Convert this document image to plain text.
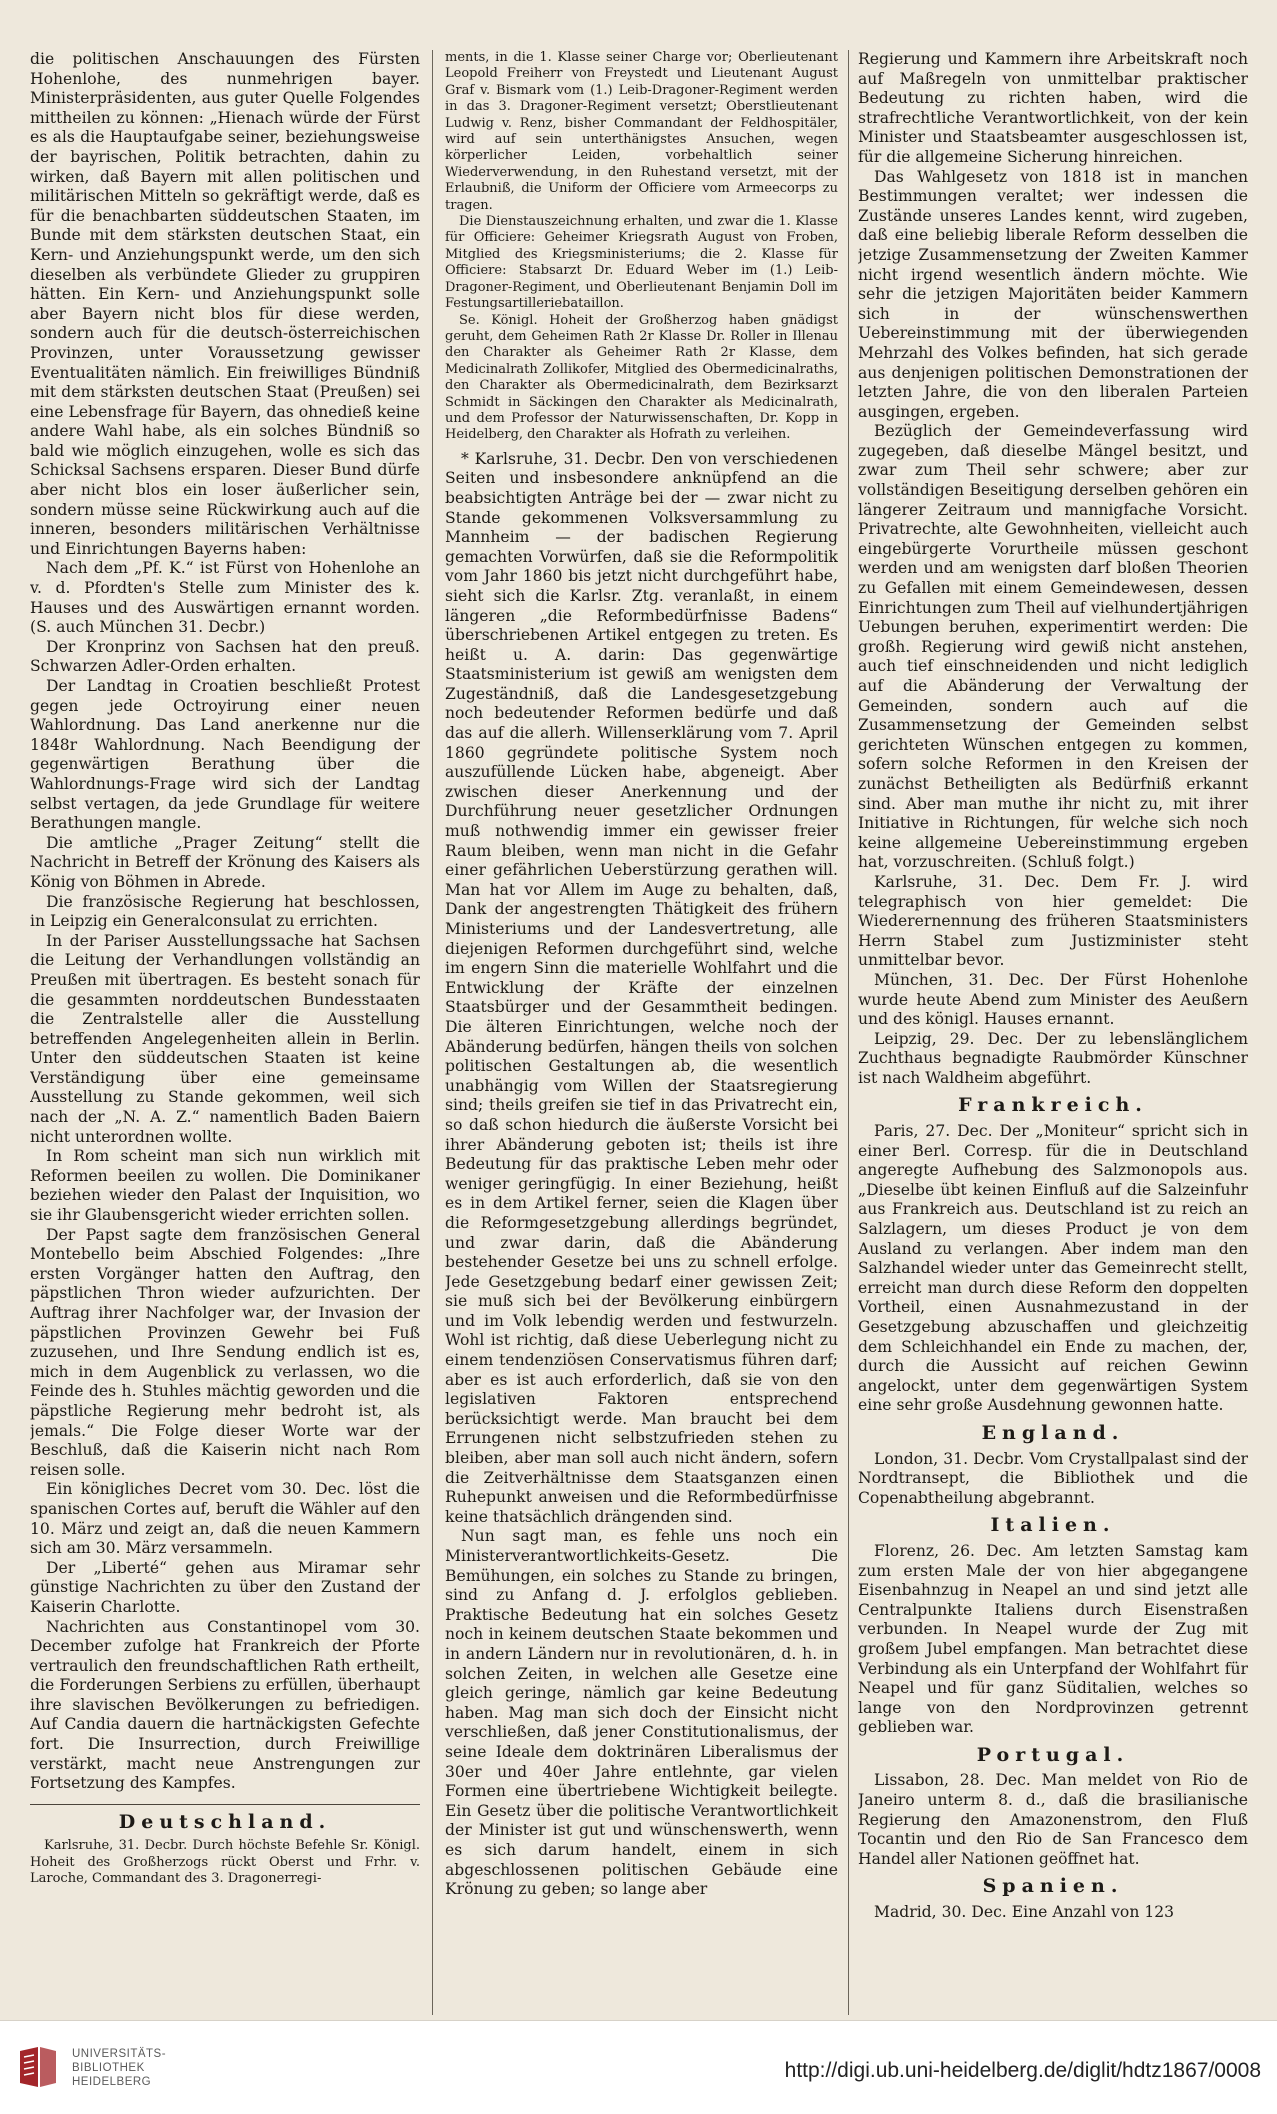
die politischen Anschauungen des Fürsten Hohenlohe, des nunmehrigen bayer. Ministerpräsidenten, aus guter Quelle Folgendes mittheilen zu können: „Hienach würde der Fürst es als die Hauptaufgabe seiner, beziehungsweise der bayrischen, Politik betrachten, dahin zu wirken, daß Bayern mit allen politischen und militärischen Mitteln so gekräftigt werde, daß es für die benachbarten süddeutschen Staaten, im Bunde mit dem stärksten deutschen Staat, ein Kern- und Anziehungspunkt werde, um den sich dieselben als verbündete Glieder zu gruppiren hätten. Ein Kern- und Anziehungspunkt solle aber Bayern nicht blos für diese werden, sondern auch für die deutsch-österreichischen Provinzen, unter Voraussetzung gewisser Eventualitäten nämlich. Ein freiwilliges Bündniß mit dem stärksten deutschen Staat (Preußen) sei eine Lebensfrage für Bayern, das ohnedieß keine andere Wahl habe, als ein solches Bündniß so bald wie möglich einzugehen, wolle es sich das Schicksal Sachsens ersparen. Dieser Bund dürfe aber nicht blos ein loser äußerlicher sein, sondern müsse seine Rückwirkung auch auf die inneren, besonders militärischen Verhältnisse und Einrichtungen Bayerns haben:

Nach dem „Pf. K.“ ist Fürst von Hohenlohe an v. d. Pfordten's Stelle zum Minister des k. Hauses und des Auswärtigen ernannt worden. (S. auch München 31. Decbr.)

Der Kronprinz von Sachsen hat den preuß. Schwarzen Adler-Orden erhalten.

Der Landtag in Croatien beschließt Protest gegen jede Octroyirung einer neuen Wahlordnung. Das Land anerkenne nur die 1848r Wahlordnung. Nach Beendigung der gegenwärtigen Berathung über die Wahlordnungs-Frage wird sich der Landtag selbst vertagen, da jede Grundlage für weitere Berathungen mangle.

Die amtliche „Prager Zeitung“ stellt die Nachricht in Betreff der Krönung des Kaisers als König von Böhmen in Abrede.

Die französische Regierung hat beschlossen, in Leipzig ein Generalconsulat zu errichten.

In der Pariser Ausstellungssache hat Sachsen die Leitung der Verhandlungen vollständig an Preußen mit übertragen. Es besteht sonach für die gesammten norddeutschen Bundesstaaten die Zentralstelle aller die Ausstellung betreffenden Angelegenheiten allein in Berlin. Unter den süddeutschen Staaten ist keine Verständigung über eine gemeinsame Ausstellung zu Stande gekommen, weil sich nach der „N. A. Z.“ namentlich Baden Baiern nicht unterordnen wollte.

In Rom scheint man sich nun wirklich mit Reformen beeilen zu wollen. Die Dominikaner beziehen wieder den Palast der Inquisition, wo sie ihr Glaubensgericht wieder errichten sollen.

Der Papst sagte dem französischen General Montebello beim Abschied Folgendes: „Ihre ersten Vorgänger hatten den Auftrag, den päpstlichen Thron wieder aufzurichten. Der Auftrag ihrer Nachfolger war, der Invasion der päpstlichen Provinzen Gewehr bei Fuß zuzusehen, und Ihre Sendung endlich ist es, mich in dem Augenblick zu verlassen, wo die Feinde des h. Stuhles mächtig geworden und die päpstliche Regierung mehr bedroht ist, als jemals.“ Die Folge dieser Worte war der Beschluß, daß die Kaiserin nicht nach Rom reisen solle.

Ein königliches Decret vom 30. Dec. löst die spanischen Cortes auf, beruft die Wähler auf den 10. März und zeigt an, daß die neuen Kammern sich am 30. März versammeln.

Der „Liberté“ gehen aus Miramar sehr günstige Nachrichten zu über den Zustand der Kaiserin Charlotte.

Nachrichten aus Constantinopel vom 30. December zufolge hat Frankreich der Pforte vertraulich den freundschaftlichen Rath ertheilt, die Forderungen Serbiens zu erfüllen, überhaupt ihre slavischen Bevölkerungen zu befriedigen. Auf Candia dauern die hartnäckigsten Gefechte fort. Die Insurrection, durch Freiwillige verstärkt, macht neue Anstrengungen zur Fortsetzung des Kampfes.

Deutschland.

Karlsruhe, 31. Decbr. Durch höchste Befehle Sr. Königl. Hoheit des Großherzogs rückt Oberst und Frhr. v. Laroche, Commandant des 3. Dragonerregi-

ments, in die 1. Klasse seiner Charge vor; Oberlieutenant Leopold Freiherr von Freystedt und Lieutenant August Graf v. Bismark vom (1.) Leib-Dragoner-Regiment werden in das 3. Dragoner-Regiment versetzt; Oberstlieutenant Ludwig v. Renz, bisher Commandant der Feldhospitäler, wird auf sein unterthänigstes Ansuchen, wegen körperlicher Leiden, vorbehaltlich seiner Wiederverwendung, in den Ruhestand versetzt, mit der Erlaubniß, die Uniform der Officiere vom Armeecorps zu tragen.

Die Dienstauszeichnung erhalten, und zwar die 1. Klasse für Officiere: Geheimer Kriegsrath August von Froben, Mitglied des Kriegsministeriums; die 2. Klasse für Officiere: Stabsarzt Dr. Eduard Weber im (1.) Leib-Dragoner-Regiment, und Oberlieutenant Benjamin Doll im Festungsartilleriebataillon.

Se. Königl. Hoheit der Großherzog haben gnädigst geruht, dem Geheimen Rath 2r Klasse Dr. Roller in Illenau den Charakter als Geheimer Rath 2r Klasse, dem Medicinalrath Zollikofer, Mitglied des Obermedicinalraths, den Charakter als Obermedicinalrath, dem Bezirksarzt Schmidt in Säckingen den Charakter als Medicinalrath, und dem Professor der Naturwissenschaften, Dr. Kopp in Heidelberg, den Charakter als Hofrath zu verleihen.

* Karlsruhe, 31. Decbr. Den von verschiedenen Seiten und insbesondere anknüpfend an die beabsichtigten Anträge bei der — zwar nicht zu Stande gekommenen Volksversammlung zu Mannheim — der badischen Regierung gemachten Vorwürfen, daß sie die Reformpolitik vom Jahr 1860 bis jetzt nicht durchgeführt habe, sieht sich die Karlsr. Ztg. veranlaßt, in einem längeren „die Reformbedürfnisse Badens“ überschriebenen Artikel entgegen zu treten. Es heißt u. A. darin: Das gegenwärtige Staatsministerium ist gewiß am wenigsten dem Zugeständniß, daß die Landesgesetzgebung noch bedeutender Reformen bedürfe und daß das auf die allerh. Willenserklärung vom 7. April 1860 gegründete politische System noch auszufüllende Lücken habe, abgeneigt. Aber zwischen dieser Anerkennung und der Durchführung neuer gesetzlicher Ordnungen muß nothwendig immer ein gewisser freier Raum bleiben, wenn man nicht in die Gefahr einer gefährlichen Ueberstürzung gerathen will. Man hat vor Allem im Auge zu behalten, daß, Dank der angestrengten Thätigkeit des frühern Ministeriums und der Landesvertretung, alle diejenigen Reformen durchgeführt sind, welche im engern Sinn die materielle Wohlfahrt und die Entwicklung der Kräfte der einzelnen Staatsbürger und der Gesammtheit bedingen. Die älteren Einrichtungen, welche noch der Abänderung bedürfen, hängen theils von solchen politischen Gestaltungen ab, die wesentlich unabhängig vom Willen der Staatsregierung sind; theils greifen sie tief in das Privatrecht ein, so daß schon hiedurch die äußerste Vorsicht bei ihrer Abänderung geboten ist; theils ist ihre Bedeutung für das praktische Leben mehr oder weniger geringfügig. In einer Beziehung, heißt es in dem Artikel ferner, seien die Klagen über die Reformgesetzgebung allerdings begründet, und zwar darin, daß die Abänderung bestehender Gesetze bei uns zu schnell erfolge. Jede Gesetzgebung bedarf einer gewissen Zeit; sie muß sich bei der Bevölkerung einbürgern und im Volk lebendig werden und festwurzeln. Wohl ist richtig, daß diese Ueberlegung nicht zu einem tendenziösen Conservatismus führen darf; aber es ist auch erforderlich, daß sie von den legislativen Faktoren entsprechend berücksichtigt werde. Man braucht bei dem Errungenen nicht selbstzufrieden stehen zu bleiben, aber man soll auch nicht ändern, sofern die Zeitverhältnisse dem Staatsganzen einen Ruhepunkt anweisen und die Reformbedürfnisse keine thatsächlich drängenden sind.

Nun sagt man, es fehle uns noch ein Ministerverantwortlichkeits-Gesetz. Die Bemühungen, ein solches zu Stande zu bringen, sind zu Anfang d. J. erfolglos geblieben. Praktische Bedeutung hat ein solches Gesetz noch in keinem deutschen Staate bekommen und in andern Ländern nur in revolutionären, d. h. in solchen Zeiten, in welchen alle Gesetze eine gleich geringe, nämlich gar keine Bedeutung haben. Mag man sich doch der Einsicht nicht verschließen, daß jener Constitutionalismus, der seine Ideale dem doktrinären Liberalismus der 30er und 40er Jahre entlehnte, gar vielen Formen eine übertriebene Wichtigkeit beilegte. Ein Gesetz über die politische Verantwortlichkeit der Minister ist gut und wünschenswerth, wenn es sich darum handelt, einem in sich abgeschlossenen politischen Gebäude eine Krönung zu geben; so lange aber

Regierung und Kammern ihre Arbeitskraft noch auf Maßregeln von unmittelbar praktischer Bedeutung zu richten haben, wird die strafrechtliche Verantwortlichkeit, von der kein Minister und Staatsbeamter ausgeschlossen ist, für die allgemeine Sicherung hinreichen.

Das Wahlgesetz von 1818 ist in manchen Bestimmungen veraltet; wer indessen die Zustände unseres Landes kennt, wird zugeben, daß eine beliebig liberale Reform desselben die jetzige Zusammensetzung der Zweiten Kammer nicht irgend wesentlich ändern möchte. Wie sehr die jetzigen Majoritäten beider Kammern sich in der wünschenswerthen Uebereinstimmung mit der überwiegenden Mehrzahl des Volkes befinden, hat sich gerade aus denjenigen politischen Demonstrationen der letzten Jahre, die von den liberalen Parteien ausgingen, ergeben.

Bezüglich der Gemeindeverfassung wird zugegeben, daß dieselbe Mängel besitzt, und zwar zum Theil sehr schwere; aber zur vollständigen Beseitigung derselben gehören ein längerer Zeitraum und mannigfache Vorsicht. Privatrechte, alte Gewohnheiten, vielleicht auch eingebürgerte Vorurtheile müssen geschont werden und am wenigsten darf bloßen Theorien zu Gefallen mit einem Gemeindewesen, dessen Einrichtungen zum Theil auf vielhundertjährigen Uebungen beruhen, experimentirt werden: Die großh. Regierung wird gewiß nicht anstehen, auch tief einschneidenden und nicht lediglich auf die Abänderung der Verwaltung der Gemeinden, sondern auch auf die Zusammensetzung der Gemeinden selbst gerichteten Wünschen entgegen zu kommen, sofern solche Reformen in den Kreisen der zunächst Betheiligten als Bedürfniß erkannt sind. Aber man muthe ihr nicht zu, mit ihrer Initiative in Richtungen, für welche sich noch keine allgemeine Uebereinstimmung ergeben hat, vorzuschreiten. (Schluß folgt.)

Karlsruhe, 31. Dec. Dem Fr. J. wird telegraphisch von hier gemeldet: Die Wiederernennung des früheren Staatsministers Herrn Stabel zum Justizminister steht unmittelbar bevor.

München, 31. Dec. Der Fürst Hohenlohe wurde heute Abend zum Minister des Aeußern und des königl. Hauses ernannt.

Leipzig, 29. Dec. Der zu lebenslänglichem Zuchthaus begnadigte Raubmörder Künschner ist nach Waldheim abgeführt.

Frankreich.

Paris, 27. Dec. Der „Moniteur“ spricht sich in einer Berl. Corresp. für die in Deutschland angeregte Aufhebung des Salzmonopols aus. „Dieselbe übt keinen Einfluß auf die Salzeinfuhr aus Frankreich aus. Deutschland ist zu reich an Salzlagern, um dieses Product je von dem Ausland zu verlangen. Aber indem man den Salzhandel wieder unter das Gemeinrecht stellt, erreicht man durch diese Reform den doppelten Vortheil, einen Ausnahmezustand in der Gesetzgebung abzuschaffen und gleichzeitig dem Schleichhandel ein Ende zu machen, der, durch die Aussicht auf reichen Gewinn angelockt, unter dem gegenwärtigen System eine sehr große Ausdehnung gewonnen hatte.

England.

London, 31. Decbr. Vom Crystallpalast sind der Nordtransept, die Bibliothek und die Copenabtheilung abgebrannt.

Italien.

Florenz, 26. Dec. Am letzten Samstag kam zum ersten Male der von hier abgegangene Eisenbahnzug in Neapel an und sind jetzt alle Centralpunkte Italiens durch Eisenstraßen verbunden. In Neapel wurde der Zug mit großem Jubel empfangen. Man betrachtet diese Verbindung als ein Unterpfand der Wohlfahrt für Neapel und für ganz Süditalien, welches so lange von den Nordprovinzen getrennt geblieben war.

Portugal.

Lissabon, 28. Dec. Man meldet von Rio de Janeiro unterm 8. d., daß die brasilianische Regierung den Amazonenstrom, den Fluß Tocantin und den Rio de San Francesco dem Handel aller Nationen geöffnet hat.

Spanien.

Madrid, 30. Dec. Eine Anzahl von 123

UNIVERSITÄTS-
BIBLIOTHEK
HEIDELBERG	http://digi.ub.uni-heidelberg.de/diglit/hdtz1867/0008
